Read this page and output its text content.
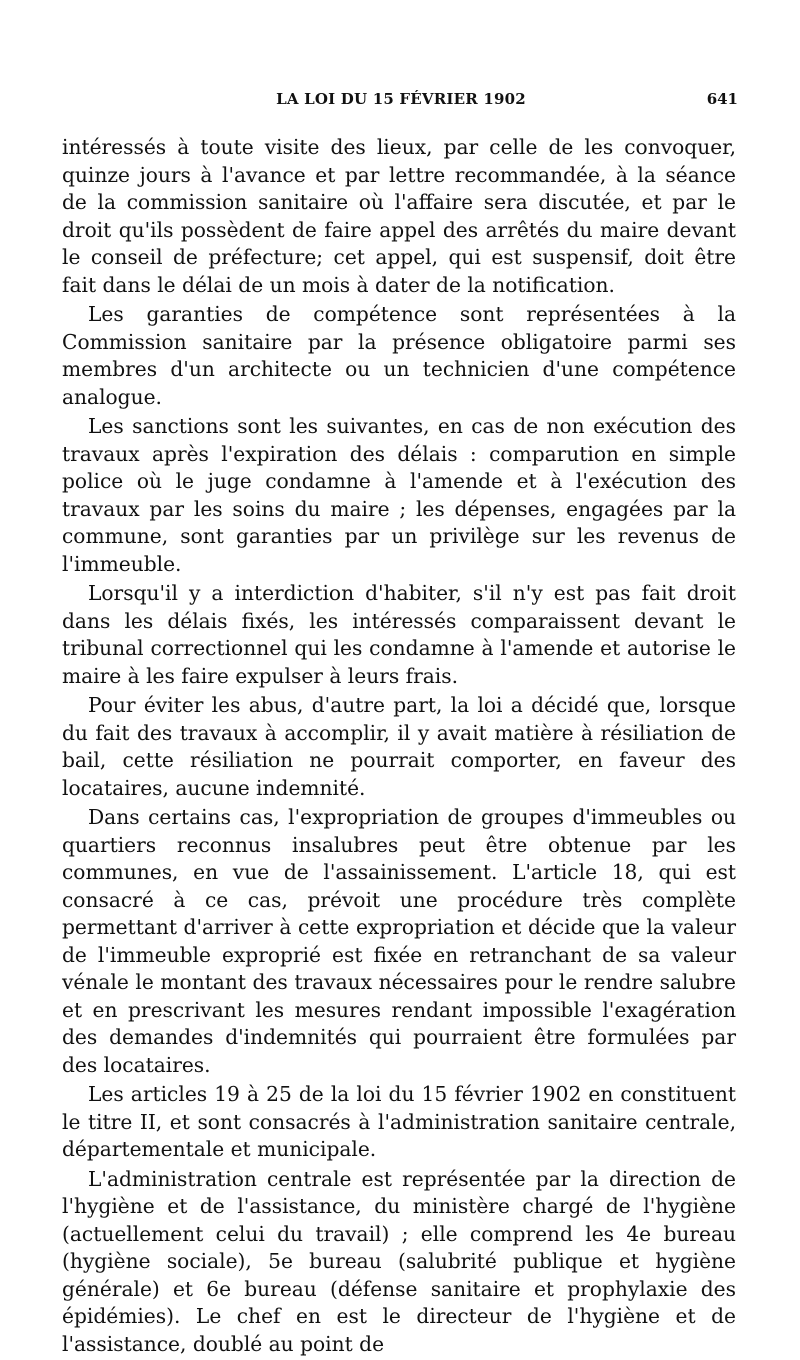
LA LOI DU 15 FÉVRIER 1902	641

intéressés à toute visite des lieux, par celle de les convoquer, quinze jours à l'avance et par lettre recommandée, à la séance de la commission sanitaire où l'affaire sera discutée, et par le droit qu'ils possèdent de faire appel des arrêtés du maire devant le conseil de préfecture; cet appel, qui est suspensif, doit être fait dans le délai de un mois à dater de la notification.

Les garanties de compétence sont représentées à la Commission sanitaire par la présence obligatoire parmi ses membres d'un architecte ou un technicien d'une compétence analogue.

Les sanctions sont les suivantes, en cas de non exécution des travaux après l'expiration des délais : comparution en simple police où le juge condamne à l'amende et à l'exécution des travaux par les soins du maire ; les dépenses, engagées par la commune, sont garanties par un privilège sur les revenus de l'immeuble.

Lorsqu'il y a interdiction d'habiter, s'il n'y est pas fait droit dans les délais fixés, les intéressés comparaissent devant le tribunal correctionnel qui les condamne à l'amende et autorise le maire à les faire expulser à leurs frais.

Pour éviter les abus, d'autre part, la loi a décidé que, lorsque du fait des travaux à accomplir, il y avait matière à résiliation de bail, cette résiliation ne pourrait comporter, en faveur des locataires, aucune indemnité.

Dans certains cas, l'expropriation de groupes d'immeubles ou quartiers reconnus insalubres peut être obtenue par les communes, en vue de l'assainissement. L'article 18, qui est consacré à ce cas, prévoit une procédure très complète permettant d'arriver à cette expropriation et décide que la valeur de l'immeuble exproprié est fixée en retranchant de sa valeur vénale le montant des travaux nécessaires pour le rendre salubre et en prescrivant les mesures rendant impossible l'exagération des demandes d'indemnités qui pourraient être formulées par des locataires.

Les articles 19 à 25 de la loi du 15 février 1902 en constituent le titre II, et sont consacrés à l'administration sanitaire centrale, départementale et municipale.

L'administration centrale est représentée par la direction de l'hygiène et de l'assistance, du ministère chargé de l'hygiène (actuellement celui du travail) ; elle comprend les 4e bureau (hygiène sociale), 5e bureau (salubrité publique et hygiène générale) et 6e bureau (défense sanitaire et prophylaxie des épidémies). Le chef en est le directeur de l'hygiène et de l'assistance, doublé au point de
